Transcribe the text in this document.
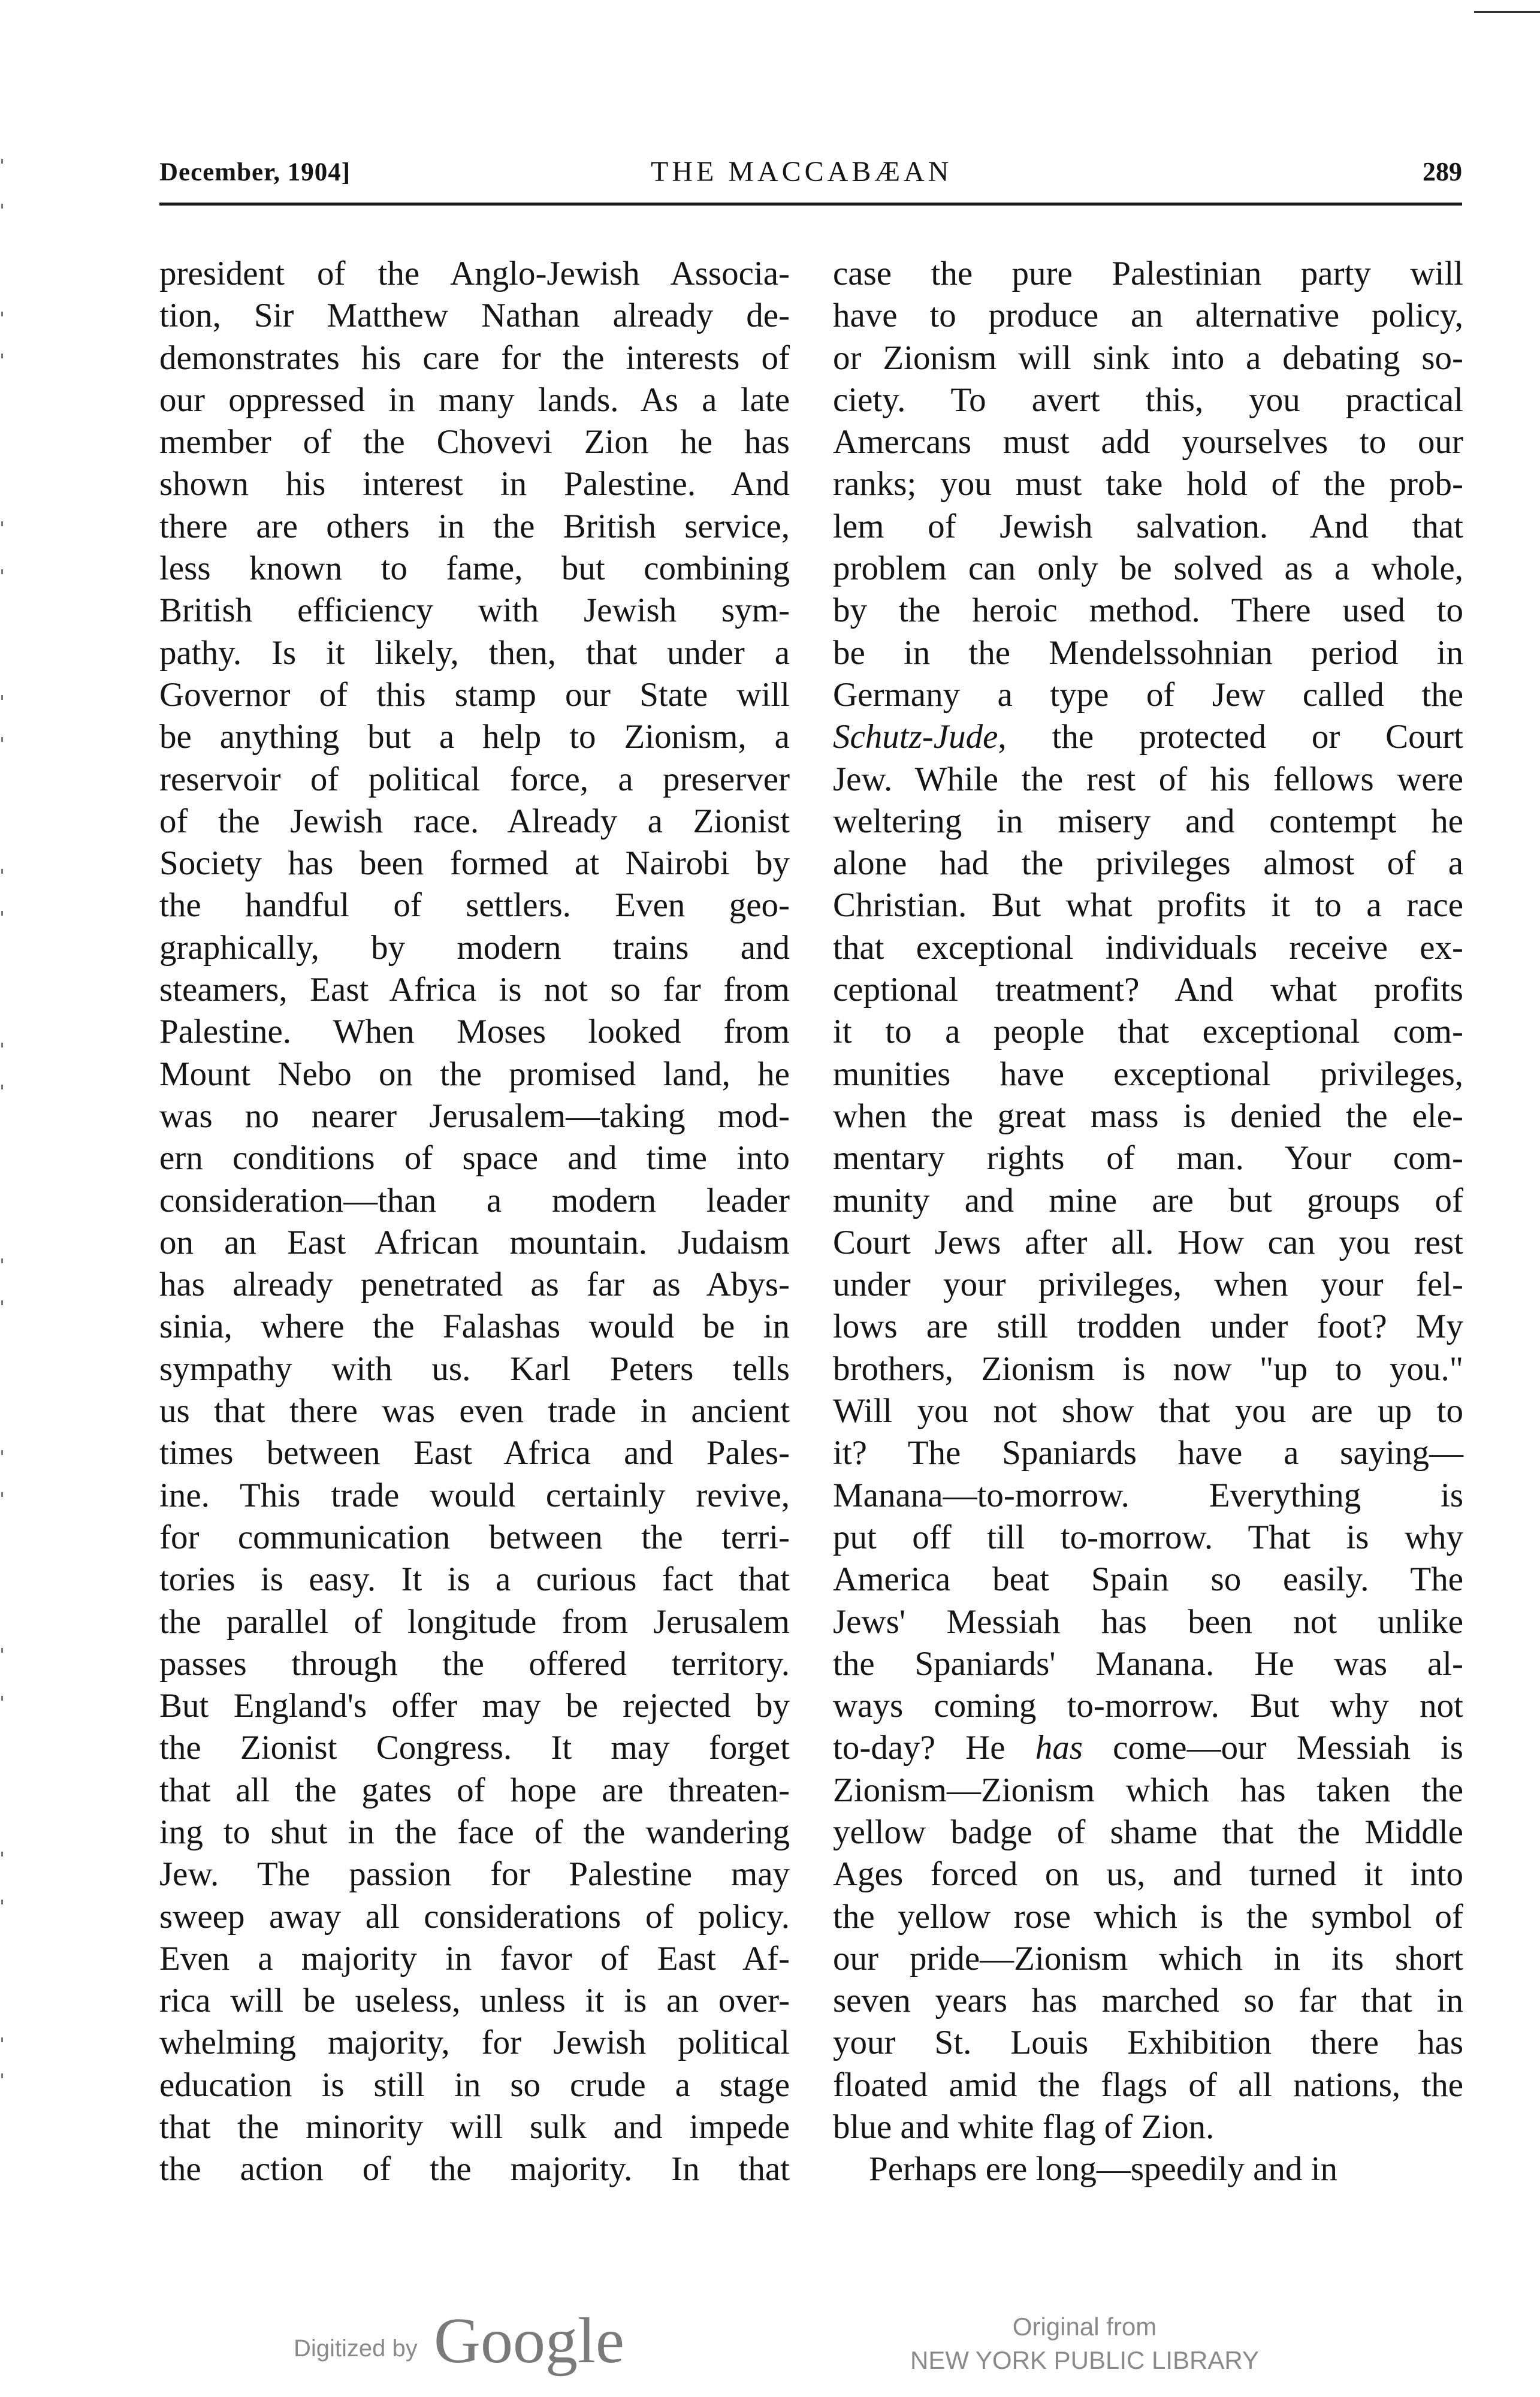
December, 1904]	THE MACCABÆAN	289
president of the Anglo-Jewish Associa-
tion, Sir Matthew Nathan already de-
demonstrates his care for the interests of
our oppressed in many lands. As a late
member of the Chovevi Zion he has
shown his interest in Palestine. And
there are others in the British service,
less known to fame, but combining
British efficiency with Jewish sym-
pathy. Is it likely, then, that under a
Governor of this stamp our State will
be anything but a help to Zionism, a
reservoir of political force, a preserver
of the Jewish race. Already a Zionist
Society has been formed at Nairobi by
the handful of settlers. Even geo-
graphically, by modern trains and
steamers, East Africa is not so far from
Palestine. When Moses looked from
Mount Nebo on the promised land, he
was no nearer Jerusalem—taking mod-
ern conditions of space and time into
consideration—than a modern leader
on an East African mountain. Judaism
has already penetrated as far as Abys-
sinia, where the Falashas would be in
sympathy with us. Karl Peters tells
us that there was even trade in ancient
times between East Africa and Pales-
ine. This trade would certainly revive,
for communication between the terri-
tories is easy. It is a curious fact that
the parallel of longitude from Jerusalem
passes through the offered territory.
But England's offer may be rejected by
the Zionist Congress. It may forget
that all the gates of hope are threaten-
ing to shut in the face of the wandering
Jew. The passion for Palestine may
sweep away all considerations of policy.
Even a majority in favor of East Af-
rica will be useless, unless it is an over-
whelming majority, for Jewish political
education is still in so crude a stage
that the minority will sulk and impede
the action of the majority. In that
case the pure Palestinian party will
have to produce an alternative policy,
or Zionism will sink into a debating so-
ciety. To avert this, you practical
Amercans must add yourselves to our
ranks; you must take hold of the prob-
lem of Jewish salvation. And that
problem can only be solved as a whole,
by the heroic method. There used to
be in the Mendelssohnian period in
Germany a type of Jew called the
Schutz-Jude, the protected or Court
Jew. While the rest of his fellows were
weltering in misery and contempt he
alone had the privileges almost of a
Christian. But what profits it to a race
that exceptional individuals receive ex-
ceptional treatment? And what profits
it to a people that exceptional com-
munities have exceptional privileges,
when the great mass is denied the ele-
mentary rights of man. Your com-
munity and mine are but groups of
Court Jews after all. How can you rest
under your privileges, when your fel-
lows are still trodden under foot? My
brothers, Zionism is now "up to you."
Will you not show that you are up to
it? The Spaniards have a saying—
Manana—to-morrow. Everything is
put off till to-morrow. That is why
America beat Spain so easily. The
Jews' Messiah has been not unlike
the Spaniards' Manana. He was al-
ways coming to-morrow. But why not
to-day? He has come—our Messiah is
Zionism—Zionism which has taken the
yellow badge of shame that the Middle
Ages forced on us, and turned it into
the yellow rose which is the symbol of
our pride—Zionism which in its short
seven years has marched so far that in
your St. Louis Exhibition there has
floated amid the flags of all nations, the
blue and white flag of Zion.
Perhaps ere long—speedily and in
Digitized by Google	Original from
NEW YORK PUBLIC LIBRARY
